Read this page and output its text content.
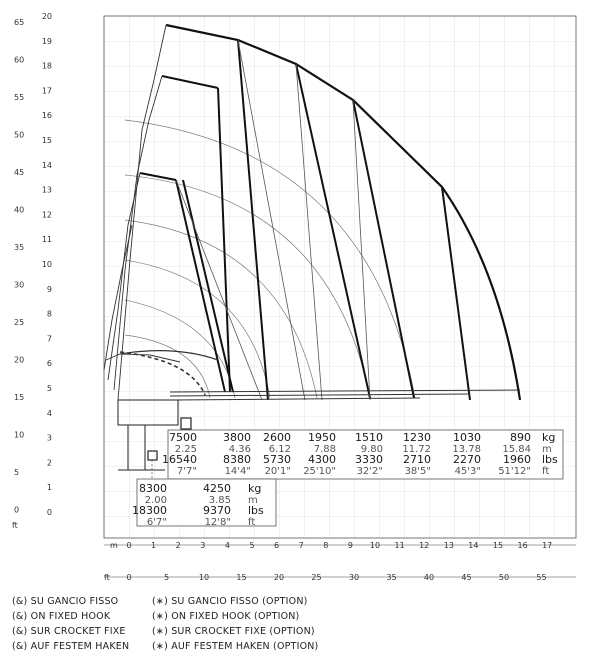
65
60
55
50
45
40
35
30
25
20
15
10
5
0
ft
20
19
18
17
16
15
14
13
12
11
10
9
8
7
6
5
4
3
2
1
0
m 0 1 2 3 4 5 6 7 8 9 10 11 12 13 14 15 16 17
ft 0	5	10	15	20	25	30	35	40	45	50	55
7500 3800 2600 1950 1510 1230 1030	890 kg
2.25	4.36 6.12 7.88 9.80 11.72 13.78 15.84 m
16540 8380 5730 4300 3330 2710 2270 1960 lbs
7'7"	14'4" 20'1" 25'10" 32'2" 38'5" 45'3" 51'12" ft
8300	4250 kg
2.00	3.85 m
18300	9370 lbs
6'7"	12'8" ft
(&) SU GANCIO FISSO
(&) ON FIXED HOOK
(&) SUR CROCKET FIXE
(&) AUF FESTEM HAKEN
(∗) SU GANCIO FISSO (OPTION)
(∗) ON FIXED HOOK (OPTION)
(∗) SUR CROCKET FIXE (OPTION)
(∗) AUF FESTEM HAKEN (OPTION)
